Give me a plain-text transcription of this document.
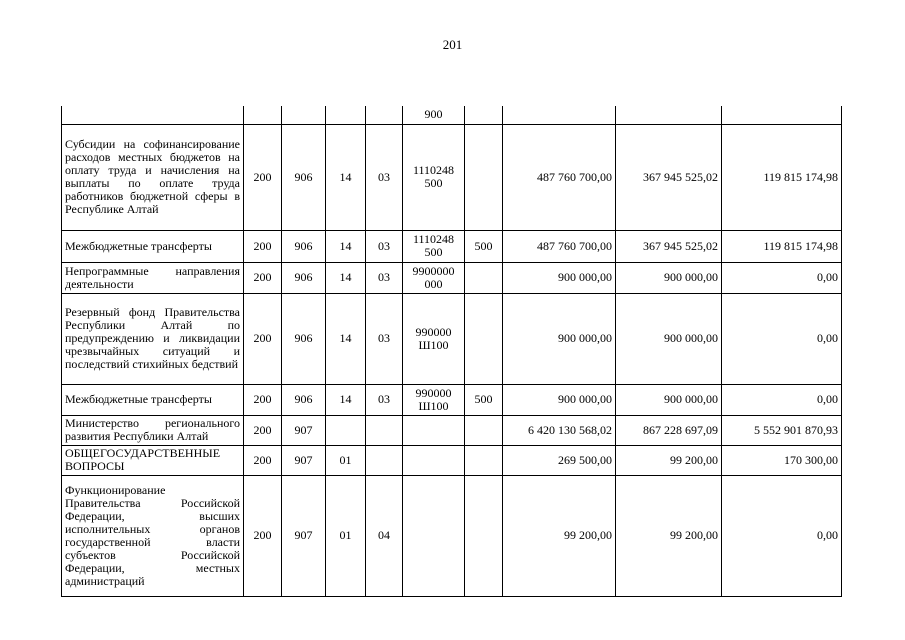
201
					900				
Субсидии на софинансирование расходов местных бюджетов на оплату труда и начисления на выплаты по оплате труда работников бюджетной сферы в Республике Алтай	200	906	14	03	1110248 500		487 760 700,00	367 945 525,02	119 815 174,98
Межбюджетные трансферты	200	906	14	03	1110248 500	500	487 760 700,00	367 945 525,02	119 815 174,98
Непрограммные направления деятельности	200	906	14	03	9900000 000		900 000,00	900 000,00	0,00
Резервный фонд Правительства Республики Алтай по предупреждению и ликвидации чрезвычайных ситуаций и последствий стихийных бедствий	200	906	14	03	990000 Ш100		900 000,00	900 000,00	0,00
Межбюджетные трансферты	200	906	14	03	990000 Ш100	500	900 000,00	900 000,00	0,00
Министерство регионального развития Республики Алтай	200	907					6 420 130 568,02	867 228 697,09	5 552 901 870,93
ОБЩЕГОСУДАРСТВЕННЫЕ ВОПРОСЫ	200	907	01				269 500,00	99 200,00	170 300,00
Функционирование Правительства Российской Федерации, высших исполнительных органов государственной власти субъектов Российской Федерации, местных администраций	200	907	01	04			99 200,00	99 200,00	0,00
